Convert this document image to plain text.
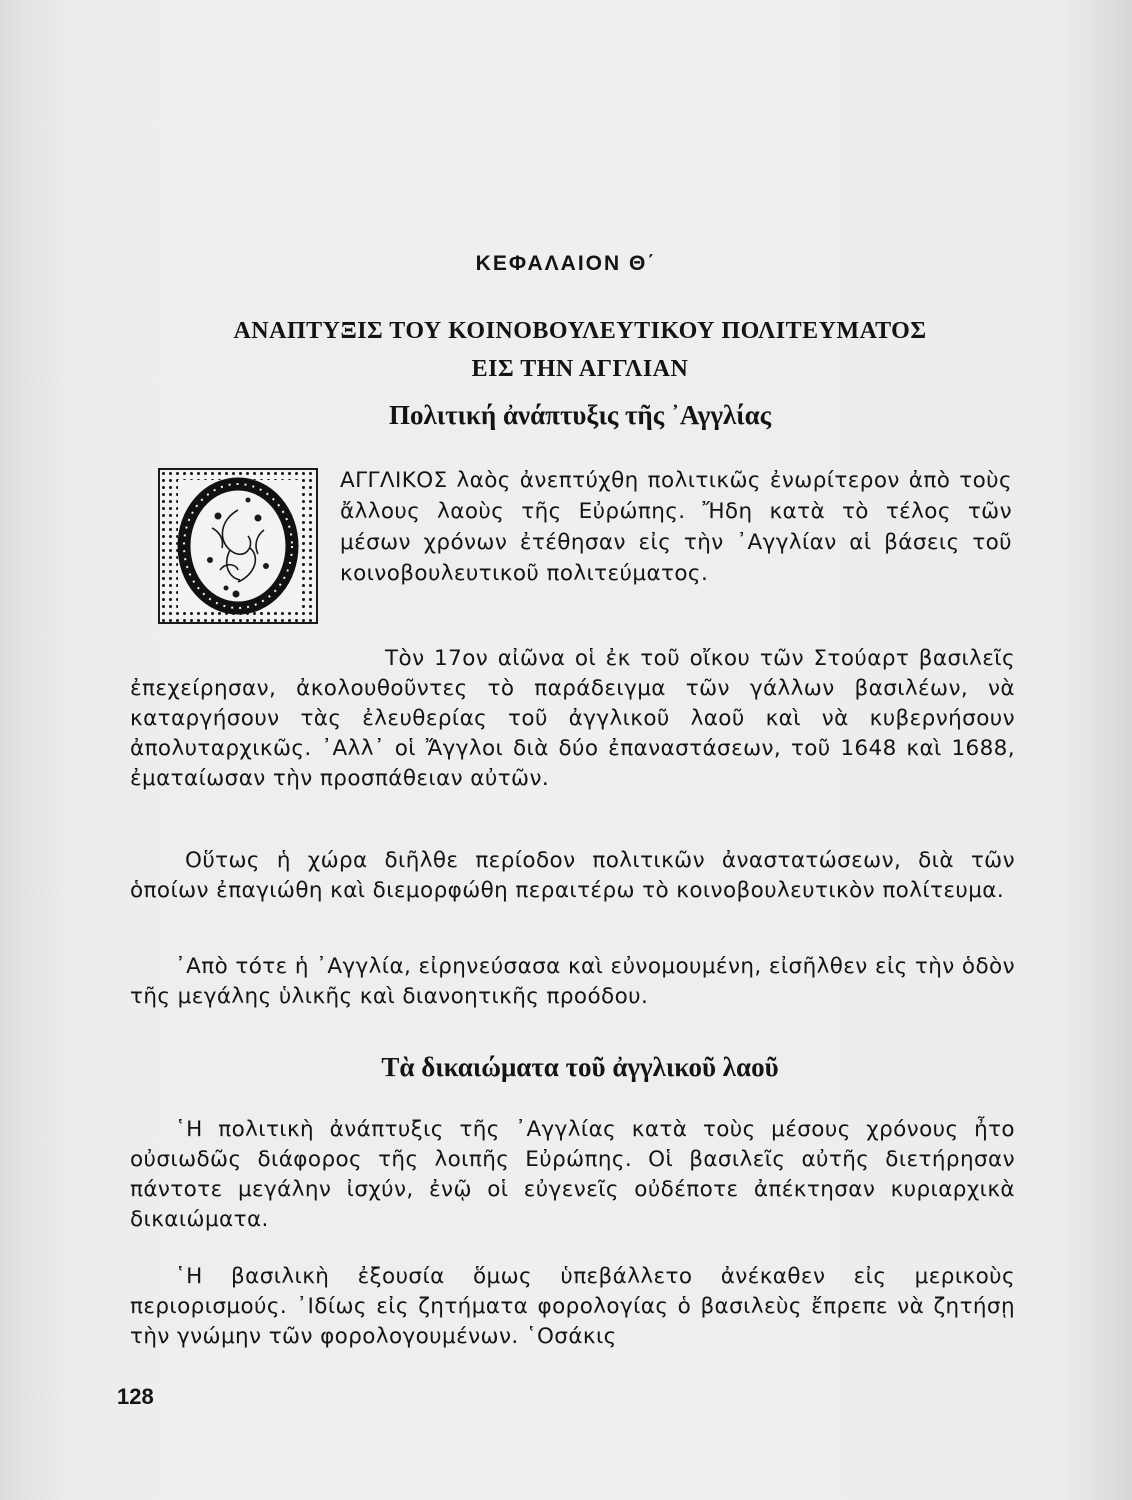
ΚΕΦΑΛΑΙΟΝ Θ΄
ΑΝΑΠΤΥΞΙΣ ΤΟΥ ΚΟΙΝΟΒΟΥΛΕΥΤΙΚΟΥ ΠΟΛΙΤΕΥΜΑΤΟΣ
ΕΙΣ ΤΗΝ ΑΓΓΛΙΑΝ
Πολιτική ἀνάπτυξις τῆς ᾿Αγγλίας

ΑΓΓΛΙΚΟΣ λαὸς ἀνεπτύχθη πολιτικῶς ἐνωρίτερον ἀπὸ τοὺς ἄλλους λαοὺς τῆς Εὐρώπης. Ἤδη κατὰ τὸ τέλος τῶν μέσων χρόνων ἐτέθησαν εἰς τὴν ᾿Αγγλίαν αἱ βάσεις τοῦ κοινοβουλευτικοῦ πολιτεύματος.

Τὸν 17ον αἰῶνα οἱ ἐκ τοῦ οἴκου τῶν Στούαρτ βασιλεῖς ἐπεχείρησαν, ἀκολουθοῦντες τὸ παράδειγμα τῶν γάλλων βασιλέων, νὰ καταργήσουν τὰς ἐλευθερίας τοῦ ἀγγλικοῦ λαοῦ καὶ νὰ κυβερνήσουν ἀπολυταρχικῶς. ᾿Αλλ᾿ οἱ Ἄγγλοι διὰ δύο ἐπαναστάσεων, τοῦ 1648 καὶ 1688, ἐματαίωσαν τὴν προσπάθειαν αὐτῶν.

Οὕτως ἡ χώρα διῆλθε περίοδον πολιτικῶν ἀναστατώσεων, διὰ τῶν ὁποίων ἐπαγιώθη καὶ διεμορφώθη περαιτέρω τὸ κοινοβουλευτικὸν πολίτευμα.

᾿Απὸ τότε ἡ ᾿Αγγλία, εἰρηνεύσασα καὶ εὐνομουμένη, εἰσῆλθεν εἰς τὴν ὁδὸν τῆς μεγάλης ὑλικῆς καὶ διανοητικῆς προόδου.

Τὰ δικαιώματα τοῦ ἀγγλικοῦ λαοῦ

῾Η πολιτικὴ ἀνάπτυξις τῆς ᾿Αγγλίας κατὰ τοὺς μέσους χρόνους ἦτο οὐσιωδῶς διάφορος τῆς λοιπῆς Εὐρώπης. Οἱ βασιλεῖς αὐτῆς διετήρησαν πάντοτε μεγάλην ἰσχύν, ἐνῷ οἱ εὐγενεῖς οὐδέποτε ἀπέκτησαν κυριαρχικὰ δικαιώματα.

῾Η βασιλικὴ ἐξουσία ὅμως ὑπεβάλλετο ἀνέκαθεν εἰς μερικοὺς περιορισμούς. ᾿Ιδίως εἰς ζητήματα φορολογίας ὁ βασιλεὺς ἔπρεπε νὰ ζητήσῃ τὴν γνώμην τῶν φορολογουμένων. ῾Οσάκις

128
